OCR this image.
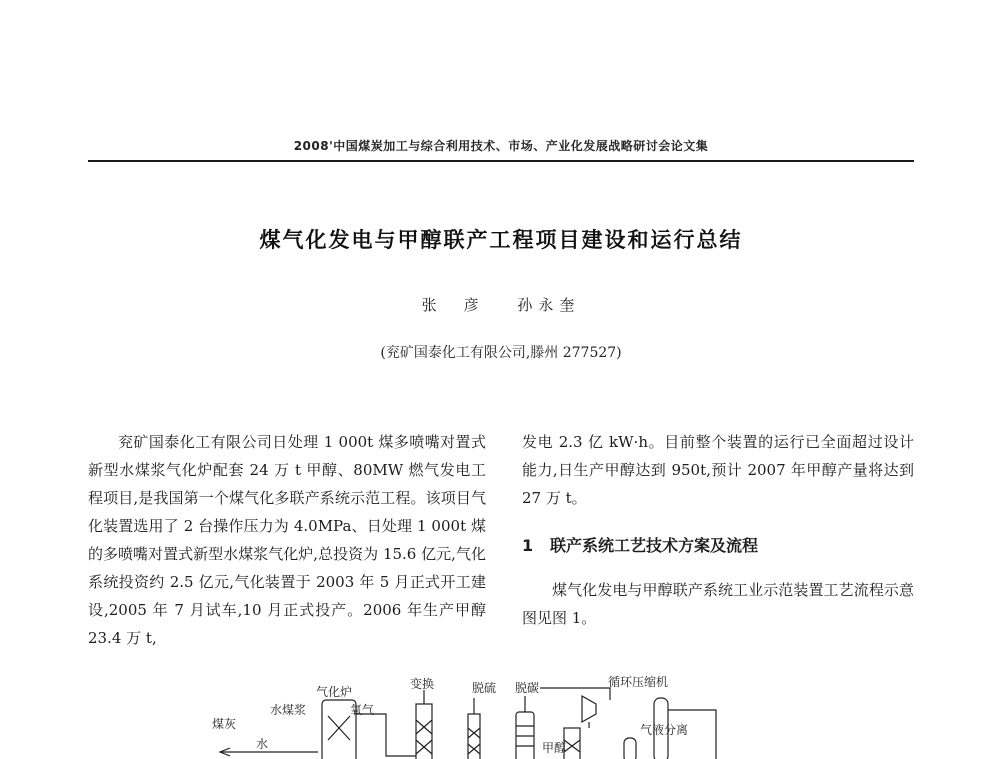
2008'中国煤炭加工与综合利用技术、市场、产业化发展战略研讨会论文集
煤气化发电与甲醇联产工程项目建设和运行总结
张　彦 孙永奎
(兖矿国泰化工有限公司,滕州 277527)

兖矿国泰化工有限公司日处理 1 000t 煤多喷嘴对置式新型水煤浆气化炉配套 24 万 t 甲醇、80MW 燃气发电工程项目,是我国第一个煤气化多联产系统示范工程。该项目气化装置选用了 2 台操作压力为 4.0MPa、日处理 1 000t 煤的多喷嘴对置式新型水煤浆气化炉,总投资为 15.6 亿元,气化系统投资约 2.5 亿元,气化装置于 2003 年 5 月正式开工建设,2005 年 7 月试车,10 月正式投产。2006 年生产甲醇 23.4 万 t,

发电 2.3 亿 kW·h。目前整个装置的运行已全面超过设计能力,日生产甲醇达到 950t,预计 2007 年甲醇产量将达到 27 万 t。

1 联产系统工艺技术方案及流程

煤气化发电与甲醇联产系统工业示范装置工艺流程示意图见图 1。

气化炉
水煤浆	氧气
变换	脱硫 脱碳	循环压缩机
煤灰
水	甲醇
气液分离
